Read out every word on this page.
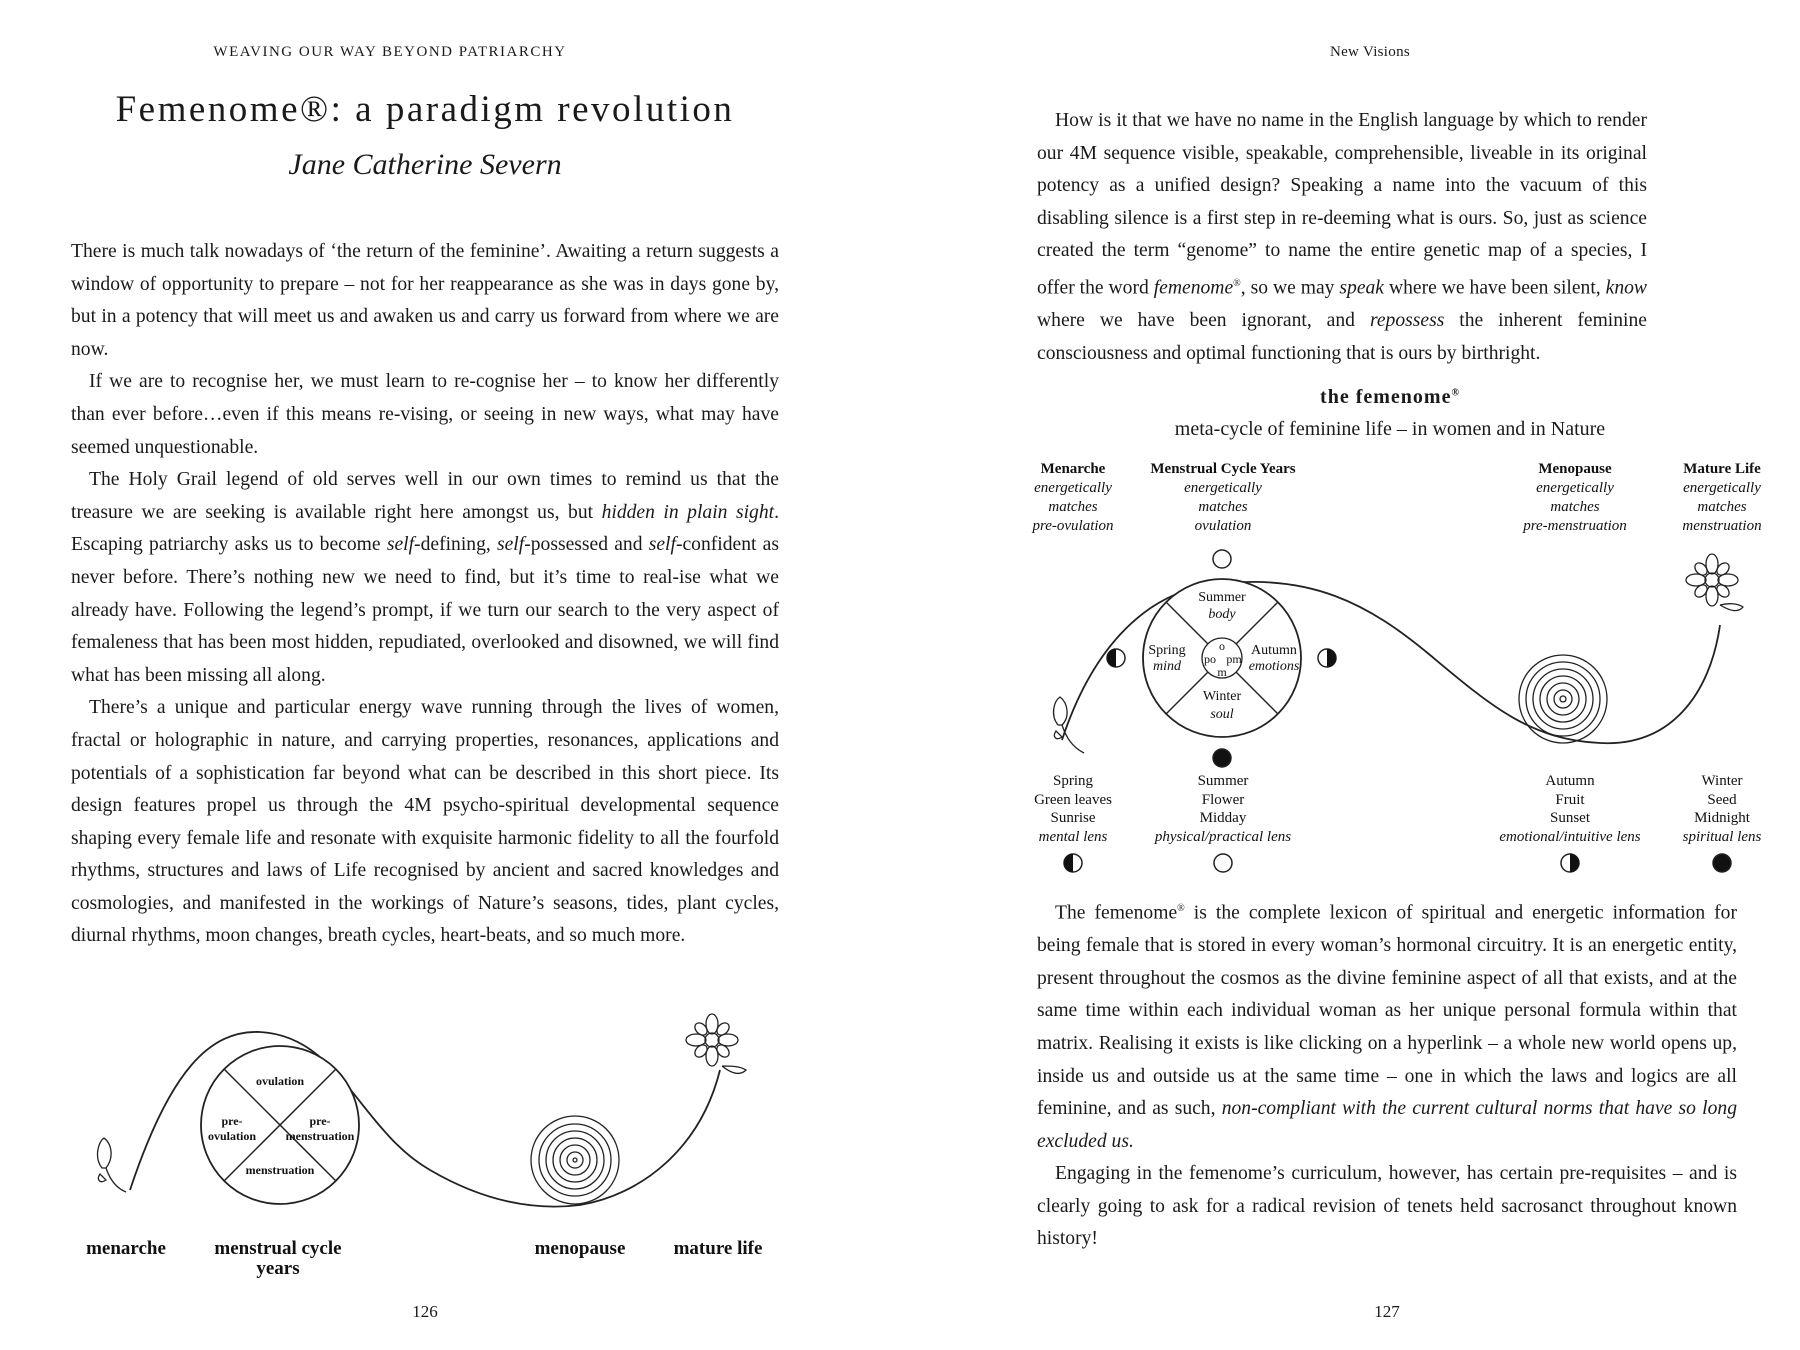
WEAVING OUR WAY BEYOND PATRIARCHY
Femenome®: a paradigm revolution
Jane Catherine Severn

There is much talk nowadays of ‘the return of the feminine’. Awaiting a return suggests a window of opportunity to prepare – not for her reappearance as she was in days gone by, but in a potency that will meet us and awaken us and carry us forward from where we are now.

If we are to recognise her, we must learn to re-cognise her – to know her differently than ever before…even if this means re-vising, or seeing in new ways, what may have seemed unquestionable.

The Holy Grail legend of old serves well in our own times to remind us that the treasure we are seeking is available right here amongst us, but hidden in plain sight. Escaping patriarchy asks us to become self-defining, self-possessed and self-confident as never before. There’s nothing new we need to find, but it’s time to real-ise what we already have. Following the legend’s prompt, if we turn our search to the very aspect of femaleness that has been most hidden, repudiated, overlooked and disowned, we will find what has been missing all along.

There’s a unique and particular energy wave running through the lives of women, fractal or holographic in nature, and carrying properties, resonances, applications and potentials of a sophistication far beyond what can be described in this short piece. Its design features propel us through the 4M psycho-spiritual developmental sequence shaping every female life and resonate with exquisite harmonic fidelity to all the fourfold rhythms, structures and laws of Life recognised by ancient and sacred knowledges and cosmologies, and manifested in the workings of Nature’s seasons, tides, plant cycles, diurnal rhythms, moon changes, breath cycles, heart-beats, and so much more.

ovulation
pre-
ovulation
pre-
menstruation
menstruation
menarche	menstrual cycle
years
menopause	mature life
126
New Visions

How is it that we have no name in the English language by which to render our 4M sequence visible, speakable, comprehensible, liveable in its original potency as a unified design? Speaking a name into the vacuum of this disabling silence is a first step in re-deeming what is ours. So, just as science created the term “genome” to name the entire genetic map of a species, I offer the word femenome®, so we may speak where we have been silent, know where we have been ignorant, and repossess the inherent feminine consciousness and optimal functioning that is ours by birthright.

the femenome®
meta-cycle of feminine life – in women and in Nature
Menarche
energetically
matches
pre-ovulation
Menstrual Cycle Years
energetically
matches
ovulation
Menopause
energetically
matches
pre-menstruation
Mature Life
energetically
matches
menstruation
Summer
body
Spring
mind
Autumn
emotions
Winter
soul
o
po pm
m
Spring
Green leaves
Sunrise
mental lens
Summer
Flower
Midday
physical/practical lens
Autumn
Fruit
Sunset
emotional/intuitive lens
Winter
Seed
Midnight
spiritual lens

The femenome® is the complete lexicon of spiritual and energetic information for being female that is stored in every woman’s hormonal circuitry. It is an energetic entity, present throughout the cosmos as the divine feminine aspect of all that exists, and at the same time within each individual woman as her unique personal formula within that matrix. Realising it exists is like clicking on a hyperlink – a whole new world opens up, inside us and outside us at the same time – one in which the laws and logics are all feminine, and as such, non-compliant with the current cultural norms that have so long excluded us.

Engaging in the femenome’s curriculum, however, has certain pre-requisites – and is clearly going to ask for a radical revision of tenets held sacrosanct throughout known history!

127
